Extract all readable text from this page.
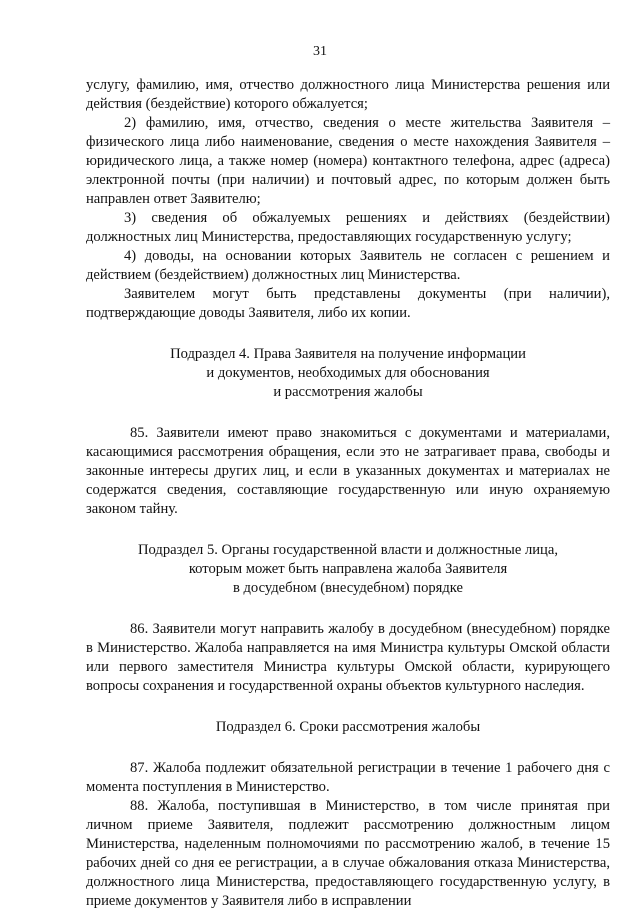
31

услугу, фамилию, имя, отчество должностного лица Министерства решения или действия (бездействие) которого обжалуется;

2) фамилию, имя, отчество, сведения о месте жительства Заявителя – физического лица либо наименование, сведения о месте нахождения Заявителя – юридического лица, а также номер (номера) контактного телефона, адрес (адреса) электронной почты (при наличии) и почтовый адрес, по которым должен быть направлен ответ Заявителю;

3) сведения об обжалуемых решениях и действиях (бездействии) должностных лиц Министерства, предоставляющих государственную услугу;

4) доводы, на основании которых Заявитель не согласен с решением и действием (бездействием) должностных лиц Министерства.

Заявителем могут быть представлены документы (при наличии), подтверждающие доводы Заявителя, либо их копии.

Подраздел 4. Права Заявителя на получение информации
и документов, необходимых для обоснования
и рассмотрения жалобы

85. Заявители имеют право знакомиться с документами и материалами, касающимися рассмотрения обращения, если это не затрагивает права, свободы и законные интересы других лиц, и если в указанных документах и материалах не содержатся сведения, составляющие государственную или иную охраняемую законом тайну.

Подраздел 5. Органы государственной власти и должностные лица,
которым может быть направлена жалоба Заявителя
в досудебном (внесудебном) порядке

86. Заявители могут направить жалобу в досудебном (внесудебном) порядке в Министерство. Жалоба направляется на имя Министра культуры Омской области или первого заместителя Министра культуры Омской области, курирующего вопросы сохранения и государственной охраны объектов культурного наследия.

Подраздел 6. Сроки рассмотрения жалобы

87. Жалоба подлежит обязательной регистрации в течение 1 рабочего дня с момента поступления в Министерство.

88. Жалоба, поступившая в Министерство, в том числе принятая при личном приеме Заявителя, подлежит рассмотрению должностным лицом Министерства, наделенным полномочиями по рассмотрению жалоб, в течение 15 рабочих дней со дня ее регистрации, а в случае обжалования отказа Министерства, должностного лица Министерства, предоставляющего государственную услугу, в приеме документов у Заявителя либо в исправлении
